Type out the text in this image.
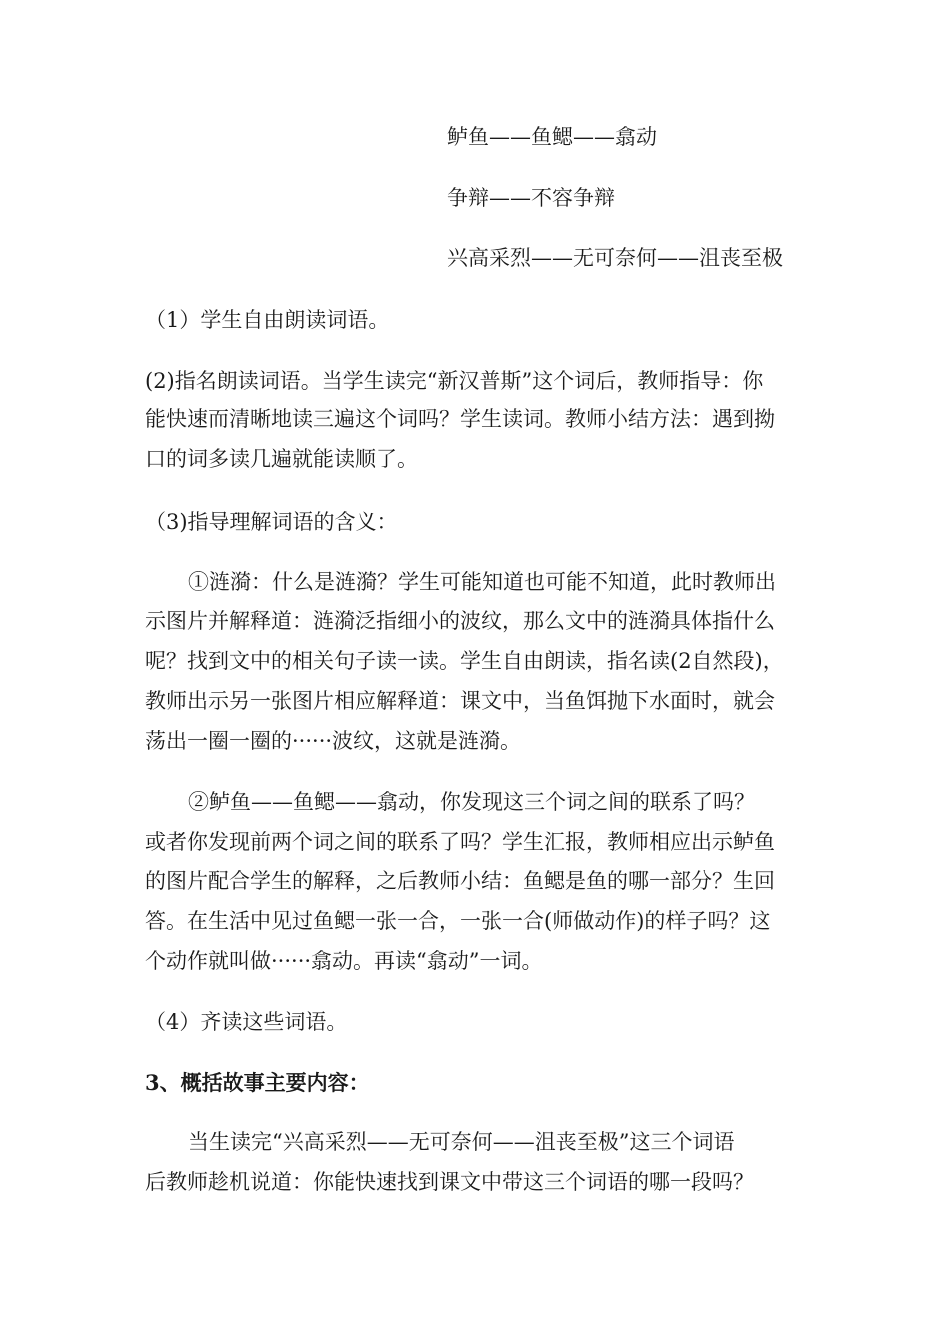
鲈鱼——鱼鳃——翕动
争辩——不容争辩
兴高采烈——无可奈何——沮丧至极
（1）学生自由朗读词语。
(2)指名朗读词语。当学生读完“新汉普斯”这个词后，教师指导：你
能快速而清晰地读三遍这个词吗？学生读词。教师小结方法：遇到拗
口的词多读几遍就能读顺了。
（3)指导理解词语的含义：
①涟漪：什么是涟漪？学生可能知道也可能不知道，此时教师出
示图片并解释道：涟漪泛指细小的波纹，那么文中的涟漪具体指什么
呢？找到文中的相关句子读一读。学生自由朗读，指名读(2自然段)，
教师出示另一张图片相应解释道：课文中，当鱼饵抛下水面时，就会
荡出一圈一圈的······波纹，这就是涟漪。
②鲈鱼——鱼鳃——翕动，你发现这三个词之间的联系了吗？
或者你发现前两个词之间的联系了吗？学生汇报，教师相应出示鲈鱼
的图片配合学生的解释，之后教师小结：鱼鳃是鱼的哪一部分？生回
答。在生活中见过鱼鳃一张一合，一张一合(师做动作)的样子吗？这
个动作就叫做······翕动。再读“翕动”一词。
（4）齐读这些词语。
3、概括故事主要内容：
当生读完“兴高采烈——无可奈何——沮丧至极”这三个词语
后教师趁机说道：你能快速找到课文中带这三个词语的哪一段吗？
